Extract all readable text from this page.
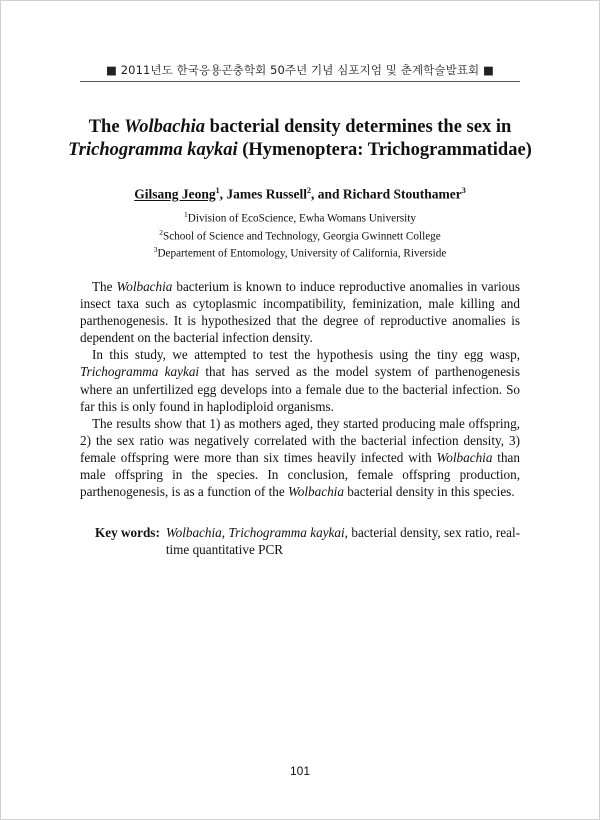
■ 2011년도 한국응용곤충학회 50주년 기념 심포지엄 및 춘계학술발표회 ■
The Wolbachia bacterial density determines the sex in
Trichogramma kaykai (Hymenoptera: Trichogrammatidae)
Gilsang Jeong$^1$, James Russell$^2$, and Richard Stouthamer$^3$
$^1$Division of EcoScience, Ewha Womans University
$^2$School of Science and Technology, Georgia Gwinnett College
$^3$Departement of Entomology, University of California, Riverside

The Wolbachia bacterium is known to induce reproductive anomalies in various insect taxa such as cytoplasmic incompatibility, feminization, male killing and parthenogenesis. It is hypothesized that the degree of reproductive anomalies is dependent on the bacterial infection density.

In this study, we attempted to test the hypothesis using the tiny egg wasp, Trichogramma kaykai that has served as the model system of parthenogenesis where an unfertilized egg develops into a female due to the bacterial infection. So far this is only found in haplodiploid organisms.

The results show that 1) as mothers aged, they started producing male offspring, 2) the sex ratio was negatively correlated with the bacterial infection density, 3) female offspring were more than six times heavily infected with Wolbachia than male offspring in the species. In conclusion, female offspring production, parthenogenesis, is as a function of the Wolbachia bacterial density in this species.

Key words: Wolbachia, Trichogramma kaykai, bacterial density, sex ratio, real-time quantitative PCR
101
